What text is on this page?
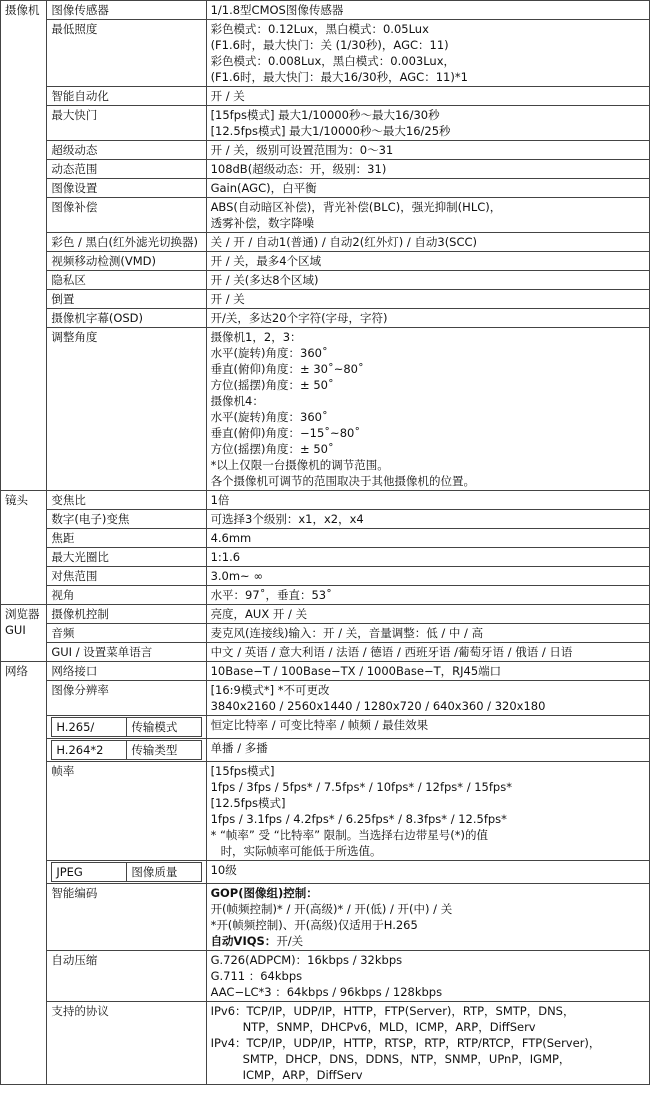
摄像机	图像传感器	1/1.8型CMOS图像传感器

最低照度	彩色模式：0.12Lux，黑白模式：0.05Lux
(F1.6时，最大快门：关 (1/30秒)，AGC：11)
彩色模式：0.008Lux，黑白模式：0.003Lux，
(F1.6时，最大快门：最大16/30秒，AGC：11)*1

智能自动化	开 / 关

最大快门	[15fps模式] 最大1/10000秒～最大16/30秒
[12.5fps模式] 最大1/10000秒～最大16/25秒

超级动态	开 / 关，级别可设置范围为：0～31

动态范围	108dB(超级动态：开，级别：31)

图像设置	Gain(AGC)，白平衡

图像补偿	ABS(自动暗区补偿)，背光补偿(BLC)，强光抑制(HLC)，
透雾补偿，数字降噪

彩色 / 黑白(红外滤光切换器)	关 / 开 / 自动1(普通) / 自动2(红外灯) / 自动3(SCC)

视频移动检测(VMD)	开 / 关，最多4个区域

隐私区	开 / 关(多达8个区域)

倒置	开 / 关

摄像机字幕(OSD)	开/关，多达20个字符(字母，字符)

调整角度	摄像机1，2，3：
水平(旋转)角度：360˚
垂直(俯仰)角度：± 30˚~80˚
方位(摇摆)角度：± 50˚
摄像机4：
水平(旋转)角度：360˚
垂直(俯仰)角度：−15˚~80˚
方位(摇摆)角度：± 50˚
*以上仅限一台摄像机的调节范围。
各个摄像机可调节的范围取决于其他摄像机的位置。

镜头	变焦比	1倍

数字(电子)变焦	可选择3个级别：x1，x2，x4

焦距	4.6mm

最大光圈比	1:1.6

对焦范围	3.0m~ ∞

视角	水平：97˚，垂直：53˚

浏览器
GUI
	摄像机控制	亮度，AUX 开 / 关

音频	麦克风(连接线)输入：开 / 关，音量调整：低 / 中 / 高

GUI / 设置菜单语言	中文 / 英语 / 意大利语 / 法语 / 德语 / 西班牙语 /葡萄牙语 / 俄语 / 日语

网络	网络接口	10Base−T / 100Base−TX / 1000Base−T，RJ45端口

图像分辨率	[16:9模式*] *不可更改
3840x2160 / 2560x1440 / 1280x720 / 640x360 / 320x180

H.265/	传输模式
		恒定比特率 / 可变比特率 / 帧频 / 最佳效果

H.264*2	传输类型
		单播 / 多播

帧率	[15fps模式]
1fps / 3fps / 5fps* / 7.5fps* / 10fps* / 12fps* / 15fps*
[12.5fps模式]
1fps / 3.1fps / 4.2fps* / 6.25fps* / 8.3fps* / 12.5fps*
* “帧率” 受 “比特率” 限制。当选择右边带星号(*)的值
时，实际帧率可能低于所选值。

JPEG	图像质量
		10级

智能编码	GOP(图像组)控制：
开(帧频控制)* / 开(高级)* / 开(低) / 开(中) / 关
*开(帧频控制)、开(高级)仅适用于H.265
自动VIQS：开/关

自动压缩	G.726(ADPCM)：16kbps / 32kbps
G.711 ：64kbps
AAC−LC*3 ：64kbps / 96kbps / 128kbps

支持的协议	IPv6：TCP/IP，UDP/IP，HTTP，FTP(Server)，RTP，SMTP，DNS，
NTP，SNMP，DHCPv6，MLD，ICMP，ARP，DiffServ
IPv4：TCP/IP，UDP/IP，HTTP，RTSP，RTP，RTP/RTCP，FTP(Server)，
SMTP，DHCP，DNS，DDNS，NTP，SNMP，UPnP，IGMP，
ICMP，ARP，DiffServ
